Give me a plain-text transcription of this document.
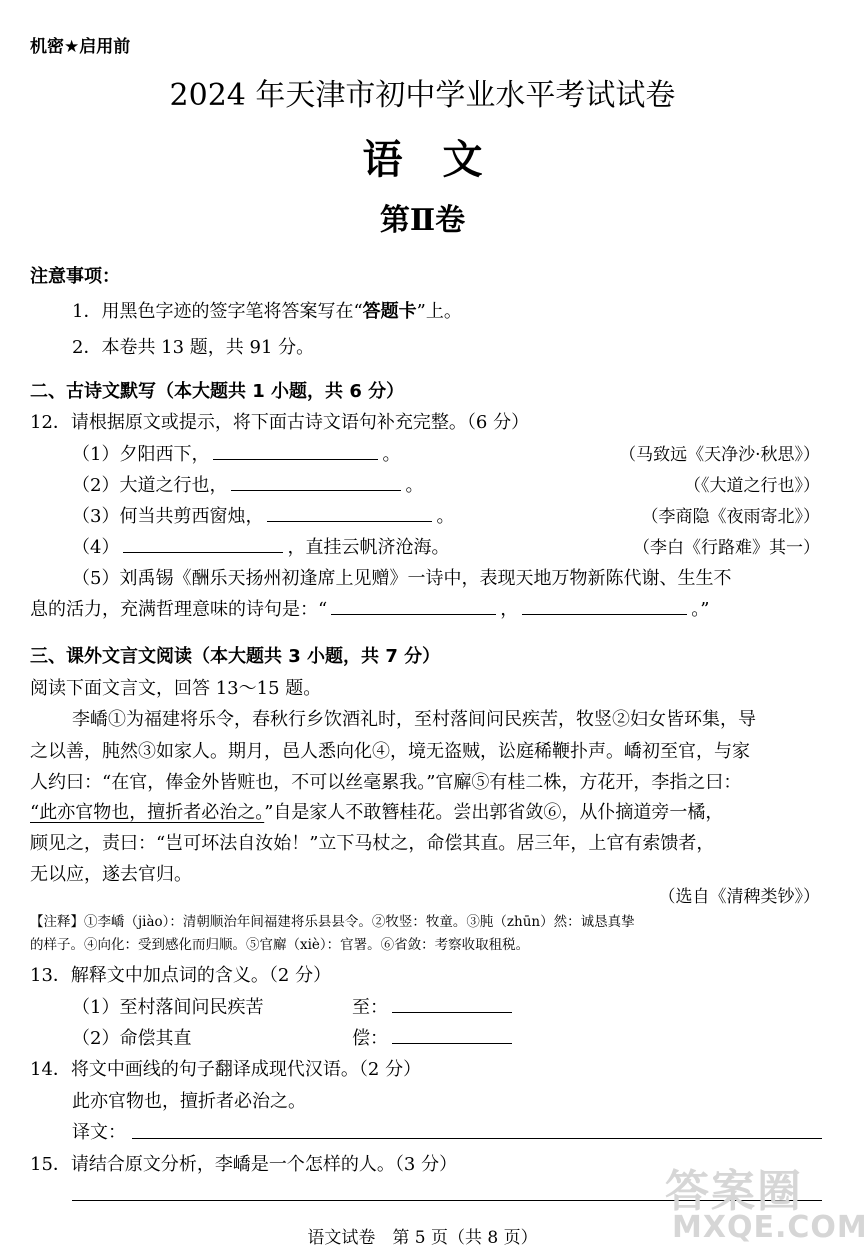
机密★启用前
2024 年天津市初中学业水平考试试卷
语　文
第Ⅱ卷
注意事项：
1．用黑色字迹的签字笔将答案写在“答题卡”上。
2．本卷共 13 题，共 91 分。
二、古诗文默写（本大题共 1 小题，共 6 分）
12．请根据原文或提示，将下面古诗文语句补充完整。（6 分）
（1）夕阳西下，	。	（马致远《天净沙·秋思》）
（2）大道之行也，	。	（《大道之行也》）
（3）何当共剪西窗烛，	。	（李商隐《夜雨寄北》）
（4）	，直挂云帆济沧海。	（李白《行路难》其一）
（5）刘禹锡《酬乐天扬州初逢席上见赠》一诗中，表现天地万物新陈代谢、生生不
息的活力，充满哲理意味的诗句是：“	，	。”
三、课外文言文阅读（本大题共 3 小题，共 7 分）
阅读下面文言文，回答 13～15 题。
李嶠①为福建将乐令，春秋行乡饮酒礼时，至村落间问民疾苦，牧竖②妇女皆环集，导
之以善，肫然③如家人。期月，邑人悉向化④，境无盗贼，讼庭稀鞭扑声。嶠初至官，与家
人约曰：“在官，俸金外皆赃也，不可以丝毫累我。”官廨⑤有桂二株，方花开，李指之曰：
“此亦官物也，擅折者必治之。”自是家人不敢簪桂花。尝出郭省敛⑥，从仆摘道旁一橘，
顾见之，责曰：“岂可坏法自汝始！”立下马杖之，命偿其直。居三年，上官有索馈者，
无以应，遂去官归。
（选自《清稗类钞》）
【注释】①李嶠（jiào）：清朝顺治年间福建将乐县县令。②牧竖：牧童。③肫（zhūn）然：诚恳真挚
的样子。④向化：受到感化而归顺。⑤官廨（xiè）：官署。⑥省敛：考察收取租税。
13．解释文中加点词的含义。（2 分）
（1）至村落间问民疾苦	至：
（2）命偿其直	偿：
14．将文中画线的句子翻译成现代汉语。（2 分）
此亦官物也，擅折者必治之。
译文：
15．请结合原文分析，李嶠是一个怎样的人。（3 分）
语文试卷　第 5 页（共 8 页）
答案圈
MXQE.COM
